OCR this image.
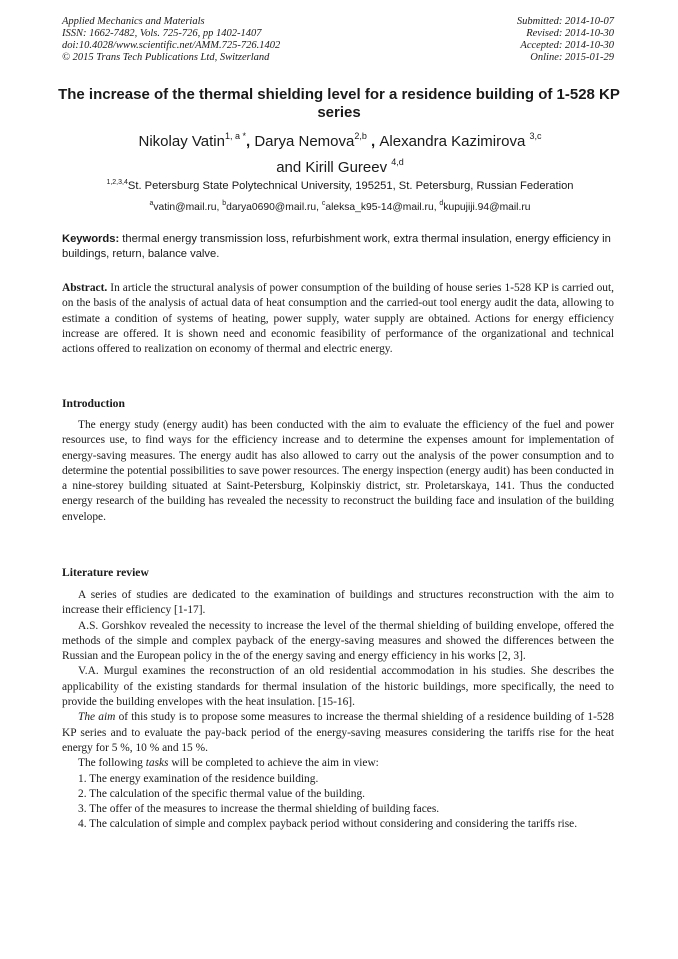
Applied Mechanics and Materials
ISSN: 1662-7482, Vols. 725-726, pp 1402-1407
doi:10.4028/www.scientific.net/AMM.725-726.1402
© 2015 Trans Tech Publications Ltd, Switzerland
Submitted: 2014-10-07
Revised: 2014-10-30
Accepted: 2014-10-30
Online: 2015-01-29
The increase of the thermal shielding level for a residence building of 1-528 KP series
Nikolay Vatin$^{1, a *}$, Darya Nemova$^{2,b}$ , Alexandra Kazimirova $^{3,c}$
and Kirill Gureev $^{4,d}$
$^{1,2,3,4}$St. Petersburg State Polytechnical University, 195251, St. Petersburg, Russian Federation
$^a$vatin@mail.ru, $^b$darya0690@mail.ru, $^c$aleksa_k95-14@mail.ru, $^d$kupujiji.94@mail.ru
Keywords: thermal energy transmission loss, refurbishment work, extra thermal insulation, energy efficiency in buildings, return, balance valve.

Abstract. In article the structural analysis of power consumption of the building of house series 1-528 KP is carried out, on the basis of the analysis of actual data of heat consumption and the carried-out tool energy audit the data, allowing to estimate a condition of systems of heating, power supply, water supply are obtained. Actions for energy efficiency increase are offered. It is shown need and economic feasibility of performance of the organizational and technical actions offered to realization on economy of thermal and electric energy.

Introduction

The energy study (energy audit) has been conducted with the aim to evaluate the efficiency of the fuel and power resources use, to find ways for the efficiency increase and to determine the expenses amount for implementation of energy-saving measures. The energy audit has also allowed to carry out the analysis of the power consumption and to determine the potential possibilities to save power resources. The energy inspection (energy audit) has been conducted in a nine-storey building situated at Saint-Petersburg, Kolpinskiy district, str. Proletarskaya, 141. Thus the conducted energy research of the building has revealed the necessity to reconstruct the building face and insulation of the building envelope.

Literature review

A series of studies are dedicated to the examination of buildings and structures reconstruction with the aim to increase their efficiency [1-17].

A.S. Gorshkov revealed the necessity to increase the level of the thermal shielding of building envelope, offered the methods of the simple and complex payback of the energy-saving measures and showed the differences between the Russian and the European policy in the of the energy saving and energy efficiency in his works [2, 3].

V.A. Murgul examines the reconstruction of an old residential accommodation in his studies. She describes the applicability of the existing standards for thermal insulation of the historic buildings, more specifically, the need to provide the building envelopes with the heat insulation. [15-16].

The aim of this study is to propose some measures to increase the thermal shielding of a residence building of 1-528 KP series and to evaluate the pay-back period of the energy-saving measures considering the tariffs rise for the heat energy for 5 %, 10 % and 15 %.

The following tasks will be completed to achieve the aim in view:

1. The energy examination of the residence building.

2. The calculation of the specific thermal value of the building.

3. The offer of the measures to increase the thermal shielding of building faces.

4. The calculation of simple and complex payback period without considering and considering the tariffs rise.
